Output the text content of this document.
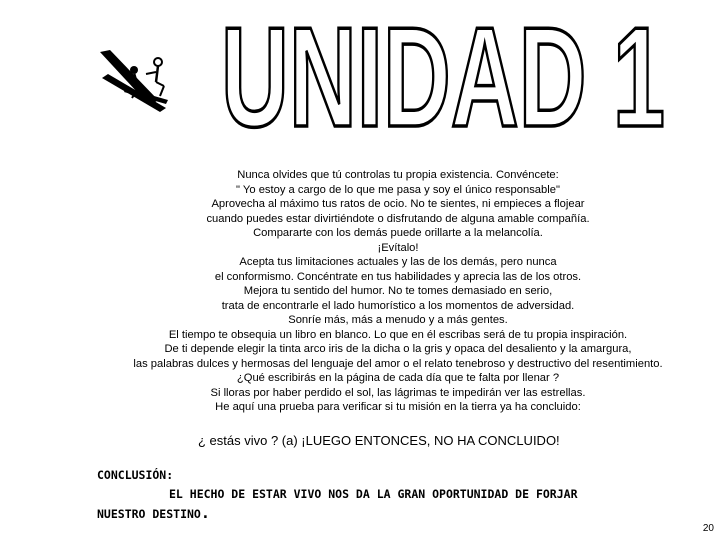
UNIDAD 1
Nunca olvides que tú controlas tu propia existencia. Convéncete:
" Yo estoy a cargo de lo que me pasa y soy el único responsable"
Aprovecha al máximo tus ratos de ocio. No te sientes, ni empieces a flojear
cuando puedes estar divirtiéndote o disfrutando de alguna amable compañía.
Compararte con los demás puede orillarte a la melancolía.
¡Evítalo!
Acepta tus limitaciones actuales y las de los demás, pero nunca
el conformismo. Concéntrate en tus habilidades y aprecia las de los otros.
Mejora tu sentido del humor. No te tomes demasiado en serio,
trata de encontrarle el lado humorístico a los momentos de adversidad.
Sonríe más, más a menudo y a más gentes.
El tiempo te obsequia un libro en blanco. Lo que en él escribas será de tu propia inspiración.
De ti depende elegir la tinta arco iris de la dicha o la gris y opaca del desaliento y la amargura,
las palabras dulces y hermosas del lenguaje del amor o el relato tenebroso y destructivo del resentimiento.
¿Qué escribirás en la página de cada día que te falta por llenar ?
Si lloras por haber perdido el sol, las lágrimas te impedirán ver las estrellas.
He aquí una prueba para verificar si tu misión en la tierra ya ha concluido:
¿ estás vivo ? (a) ¡LUEGO ENTONCES, NO HA CONCLUIDO!
CONCLUSIÓN:
EL HECHO DE ESTAR VIVO NOS DA LA GRAN OPORTUNIDAD DE FORJAR
NUESTRO DESTINO.
20
